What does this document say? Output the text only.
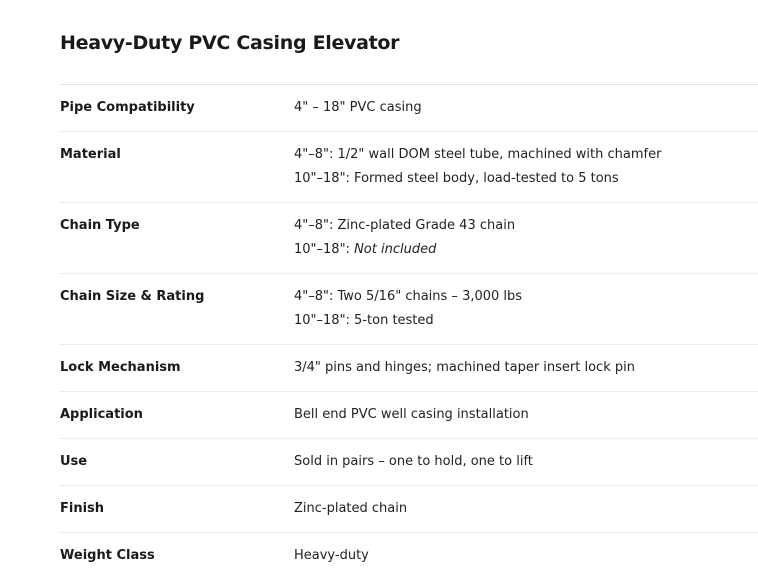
Heavy-Duty PVC Casing Elevator
Pipe Compatibility	4" – 18" PVC casing
Material	4"–8": 1/2" wall DOM steel tube, machined with chamfer
10"–18": Formed steel body, load-tested to 5 tons
Chain Type	4"–8": Zinc-plated Grade 43 chain
10"–18": Not included
Chain Size & Rating	4"–8": Two 5/16" chains – 3,000 lbs
10"–18": 5-ton tested
Lock Mechanism	3/4" pins and hinges; machined taper insert lock pin
Application	Bell end PVC well casing installation
Use	Sold in pairs – one to hold, one to lift
Finish	Zinc-plated chain
Weight Class	Heavy-duty
